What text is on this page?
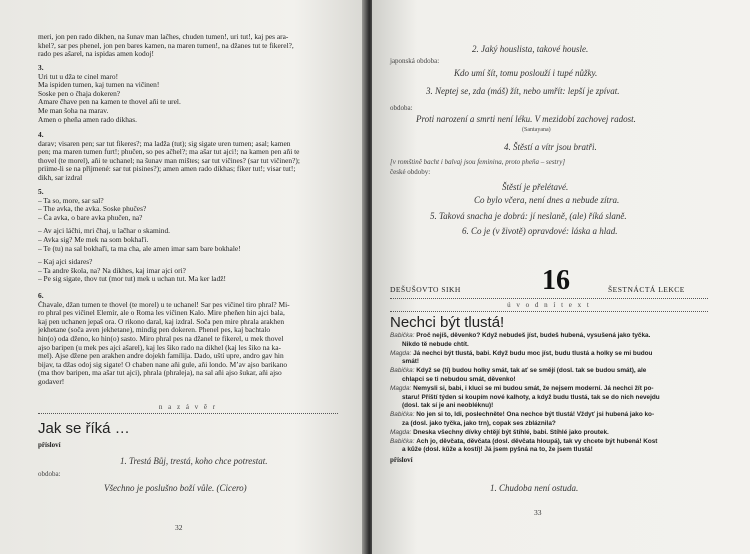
meri, jon pen rado dikhen, na šunav man lačhes, chuden tumen!, uri tut!, kaj pes ara-
khel?, sar pes phenel, jon pen bares kamen, na maren tumen!, na džanes tut te fikerel?,
rado pes ašarel, na ispidas amen kodoj!
3.
Uri tut u dža te cinel maro!
Ma ispiden tumen, kaj tumen na vičinen!
Soske pen o čhaja dokeren?
Amare čhave pen na kamen te thovel aňi te urel.
Me man šoha na marav.
Amen o pheňa amen rado dikhas.
4.
darav; visaren pen; sar tut fikeres?; ma ladža (tut); sig sigate uren tumen; asal; kamen
pen; ma maren tumen furt!; phučen, so pes ačhel?; ma ašar tut ajci!; na kamen pen aňi te
thovel (te morel), aňi te uchanel; na šunav man mištes; sar tut vičines? (sar tut vičinen?);
priime-li se na přijmené: sar tut pisines?); amen amen rado dikhas; fiker tut!; visar tut!;
dikh, sar izdral
5.
– Ta so, more, sar sal?
– The avka, the avka. Soske phučes?
– Ča avka, o bare avka phučen, na?
– Av ajci láčhi, mri čhaj, u lačhar o skamind.
– Avka sig? Me mek na som bokhaľi.
– Te (tu) na sal bokhaľi, ta ma cha, ale amen imar sam bare bokhale!
– Kaj ajci sidares?
– Ta andre škola, na? Na dikhes, kaj imar ajci ori?
– Pe sig sigate, thov tut (mor tut) mek u uchan tut. Ma ker ladž!
6.
Čhavale, džan tumen te thovel (te morel) u te uchanel! Sar pes vičinel tiro phral? Mi-
ro phral pes vičinel Elemír, ale o Roma les vičinen Kalo. Mire pheňen hin ajci bala,
kaj pen uchanen jepaš ora. O rikono daral, kaj izdral. Soča pen mire phrala arakhen
jekhetane (soča aven jekhetane), mindig pen dokeren. Phenel pes, kaj bachtalo
hin(o) oda dženo, ko hin(o) sasto. Miro phral pes na džanel te fikerel, u mek thovel
ajso baripen (u mek pes ajci ašarel), kaj les šiko rado na dikhel (kaj les šiko na ka-
mel). Ajse džene pen arakhen andre dojekh famílija. Dado, uští upre, andro gav hin
bijav, ta džas odoj sig sigate! O chaben nane aňi gule, aňi londo. Mʼav ajso barikano
(ma thov baripen, ma ašar tut ajci), phrala (phraleja), na sal aňi ajso šukar, aňi ajso
godaver!
n a z á v ě r
Jak se říká …
přísloví
1. Trestá Bůj, trestá, koho chce potrestat.
obdoba:
Všechno je poslušno boží vůle. (Cicero)
32
2. Jaký houslista, takové housle.
japonská obdoba:
Kdo umí šít, tomu poslouží i tupé nůžky.
3. Neptej se, zda (máš) žít, nebo umřít: lepší je zpívat.
obdoba:
Proti narození a smrti není léku. V mezidobí zachovej radost.
(Santayana)
4. Štěstí a vítr jsou bratři.
[v romštině bacht i balvaj jsou feminina, proto pheňa – sestry]
české obdoby:
Štěstí je přelétavé.
Co bylo včera, není dnes a nebude zítra.
5. Taková snacha je dobrá: jí neslaně, (ale) říká slaně.
6. Co je (v životě) opravdové: láska a hlad.
DEŠUŠOVTO SIKH	16	ŠESTNÁCTÁ LEKCE
ú v o d n í t e x t
Nechci být tlustá!
Babička: Proč nejíš, děvenko? Když nebudeš jíst, budeš hubená, vysušená jako tyčka.
Nikdo tě nebude chtít.
Magda: Já nechci být tlustá, babi. Když budu moc jíst, budu tlustá a holky se mi budou
smát!
Babička: Když se (ti) budou holky smát, tak ať se smějí (dosl. tak se budou smát), ale
chlapci se ti nebudou smát, děvenko!
Magda: Nemysli si, babi, i kluci se mi budou smát, že nejsem moderní. Já nechci žít po-
staru! Příští týden si koupím nové kalhoty, a když budu tlustá, tak se do nich nevejdu
(dosl. tak sí je ani neobléknu)!
Babička: No jen si to, ldi, poslechněte! Ona nechce být tlustá! Vždyť jsi hubená jako ko-
za (dosl. jako tyčka, jako trn), copak ses zbláznila?
Magda: Dneska všechny dívky chtějí být štíhlé, babi. Štíhlé jako proutek.
Babička: Ach jo, děvčata, děvčata (dosl. děvčata hloupá), tak vy chcete být hubená! Kost
a kůže (dosl. kůže a kosti)! Já jsem pyšná na to, že jsem tlustá!
přísloví
1. Chudoba není ostuda.
33
